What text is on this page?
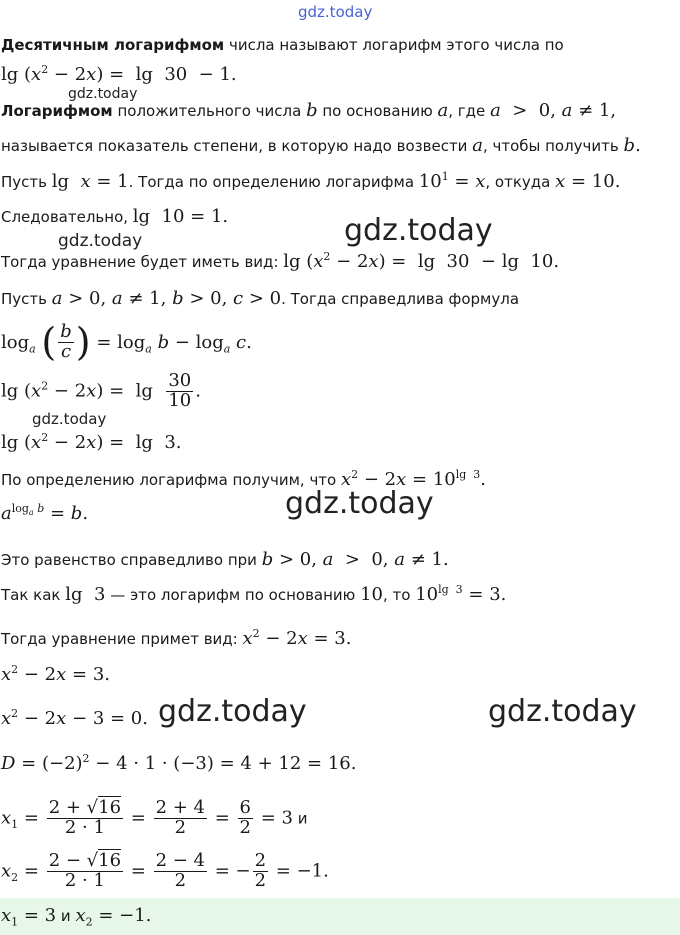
gdz.today
gdz.today
gdz.today	gdz.today
gdz.today
gdz.today
gdz.today	gdz.today
Десятичным логарифмом числа называют логарифм этого числа по
$\lg (x^2 - 2x) = \lg 30 - 1$.
Логарифмом положительного числа b по основанию a, где a  >  0, a ≠ 1,
называется показатель степени, в которую надо возвести a, чтобы получить b.
Пусть lg  x = 1. Тогда по определению логарифма $10^1 = x$, откуда x = 10.
Следовательно, lg  10 = 1.
Тогда уравнение будет иметь вид: $\lg (x^2 - 2x) = \lg 30 - \lg 10$.
Пусть a > 0, a ≠ 1, b > 0, c > 0. Тогда справедлива формула
$\log_a$ ( $\frac{b}{c}$ ) = $\log_a b - \log_a c$.
$\lg (x^2 - 2x) = \lg \frac{30}{10}$ .
$\lg (x^2 - 2x) = \lg 3$.
По определению логарифма получим, что $x^2 - 2x = 10^{lg 3}$.
$a^{log_a b} = b$.
Это равенство справедливо при b > 0, a  >  0, a ≠ 1.
Так как lg  3 — это логарифм по основанию 10, то $10^{lg 3} = 3$.
Тогда уравнение примет вид: $x^2 - 2x = 3$.
$x^2 - 2x = 3$.
$x^2 - 2x - 3 = 0$.
$D = (-2)^2 - 4 \cdot 1 \cdot (-3) = 4 + 12 = 16$.
$x_1 = \frac{2 + √16}{2 \cdot 1} = \frac{2 + 4}{2} = \frac{6}{2} = 3$ и
$x_2 = \frac{2 - √16}{2 \cdot 1} = \frac{2 - 4}{2}$ = − $\frac{2}{2} = -1$.
$x_1 = 3$ и $x_2 = -1$.
